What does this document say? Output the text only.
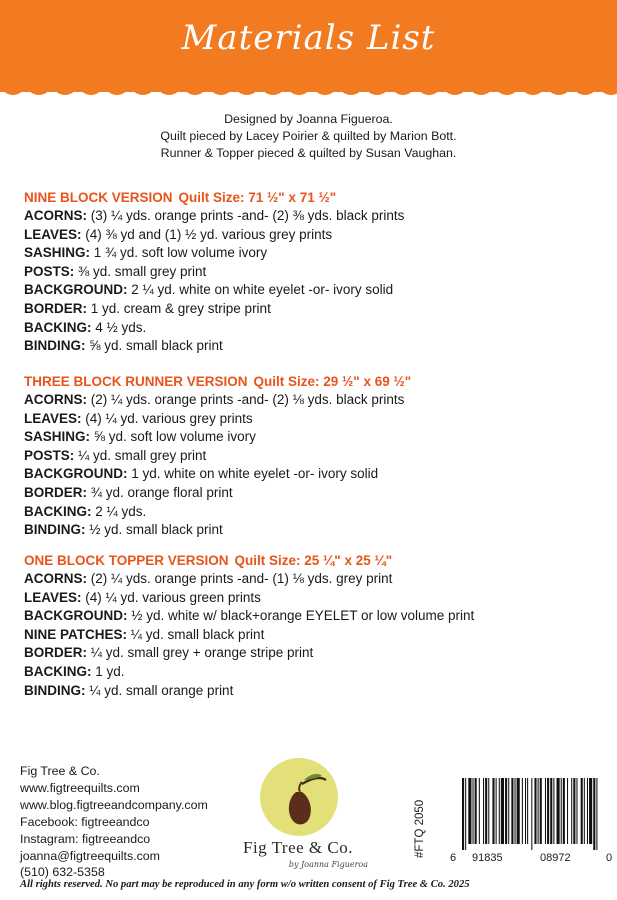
Materials List
Designed by Joanna Figueroa.
Quilt pieced by Lacey Poirier & quilted by Marion Bott.
Runner & Topper pieced & quilted by Susan Vaughan.
NINE BLOCK VERSION Quilt Size: 71 ½" x 71 ½"
ACORNS: (3) ¼ yds. orange prints -and- (2) ⅜ yds. black prints
LEAVES: (4) ⅜ yd and (1) ½ yd. various grey prints
SASHING: 1 ¾ yd. soft low volume ivory
POSTS: ⅜ yd. small grey print
BACKGROUND: 2 ¼ yd. white on white eyelet -or- ivory solid
BORDER: 1 yd. cream & grey stripe print
BACKING: 4 ½ yds.
BINDING: ⅝ yd. small black print
THREE BLOCK RUNNER VERSION Quilt Size: 29 ½" x 69 ½"
ACORNS: (2) ¼ yds. orange prints -and- (2) ⅛ yds. black prints
LEAVES: (4) ¼ yd. various grey prints
SASHING: ⅝ yd. soft low volume ivory
POSTS: ¼ yd. small grey print
BACKGROUND: 1 yd. white on white eyelet -or- ivory solid
BORDER: ¾ yd. orange floral print
BACKING: 2 ¼ yds.
BINDING: ½ yd. small black print
ONE BLOCK TOPPER VERSION Quilt Size: 25 ¼" x 25 ¼"
ACORNS: (2) ¼ yds. orange prints -and- (1) ⅛ yds. grey print
LEAVES: (4) ¼ yd. various green prints
BACKGROUND: ½ yd. white w/ black+orange EYELET or low volume print
NINE PATCHES: ¼ yd. small black print
BORDER: ¼ yd. small grey + orange stripe print
BACKING: 1 yd.
BINDING: ¼ yd. small orange print
Fig Tree & Co.
www.figtreequilts.com
www.blog.figtreeandcompany.com
Facebook: figtreeandco
Instagram: figtreeandco
joanna@figtreequilts.com
(510) 632-5358
Fig Tree & Co.
by Joanna Figueroa
#FTQ 2050 6 91835	08972	0
All rights reserved. No part may be reproduced in any form w/o written consent of Fig Tree & Co. 2025
